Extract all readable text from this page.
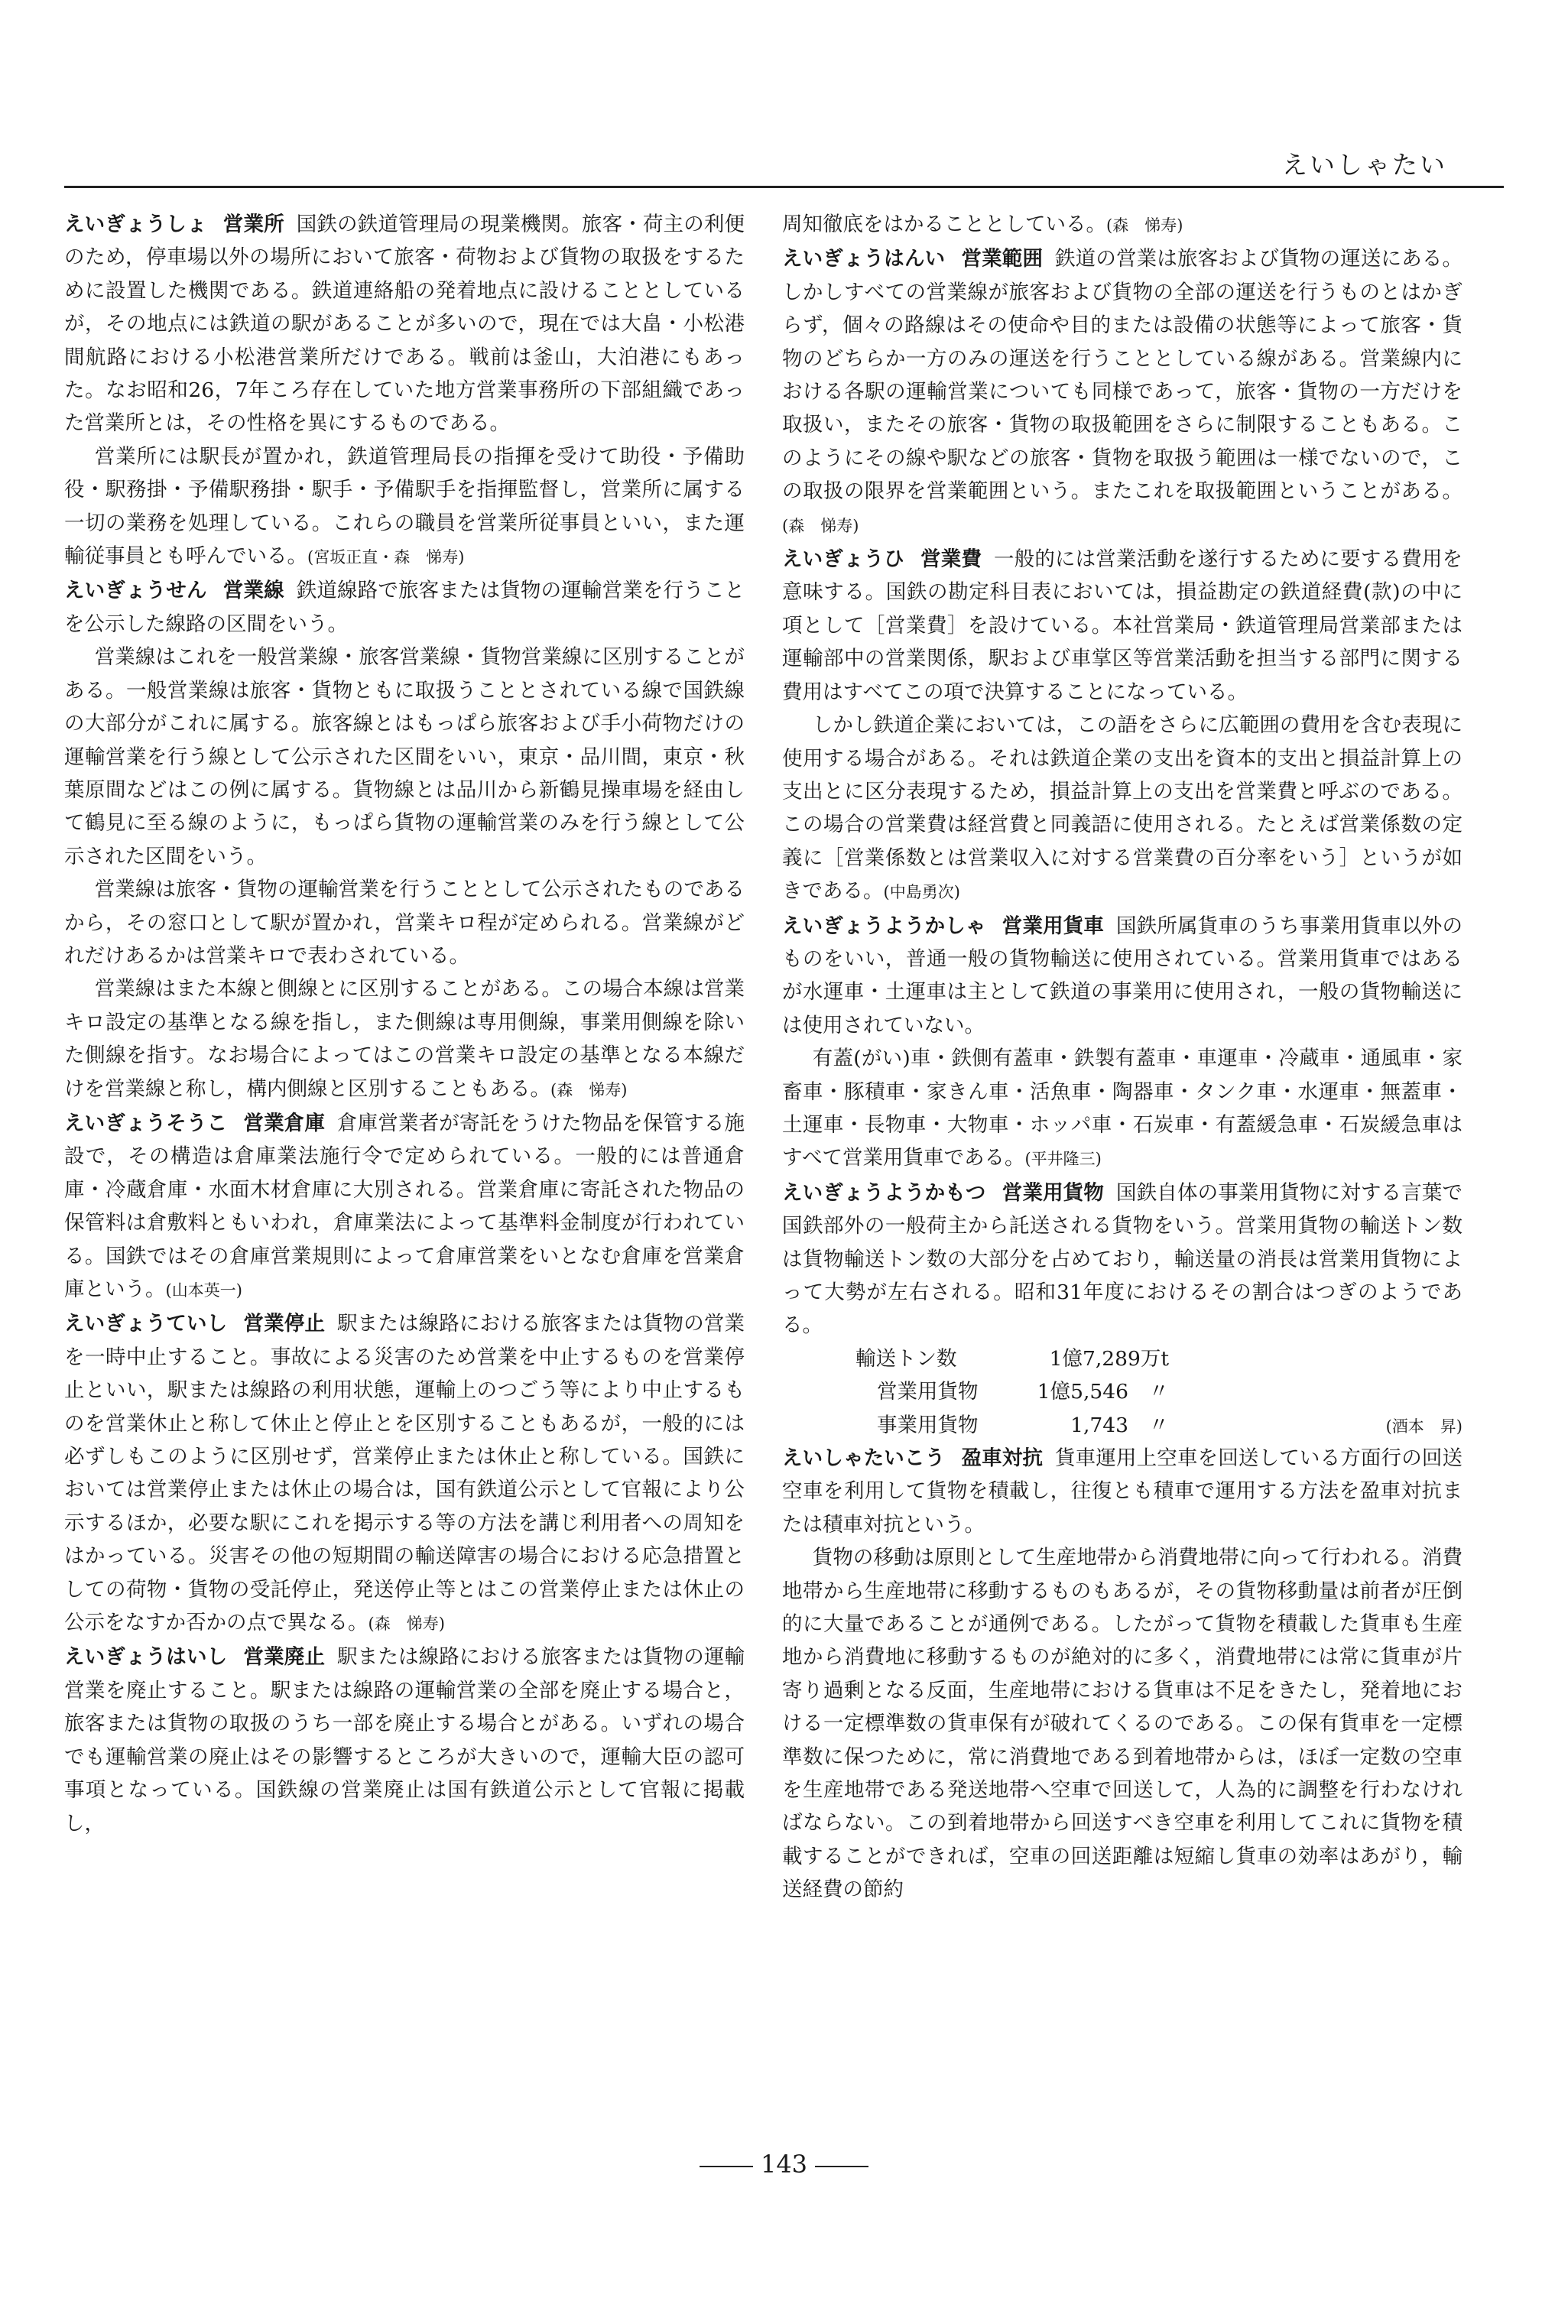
えいしゃたい

えいぎょうしょ 営業所 国鉄の鉄道管理局の現業機関。旅客・荷主の利便のため，停車場以外の場所において旅客・荷物および貨物の取扱をするために設置した機関である。鉄道連絡船の発着地点に設けることとしているが，その地点には鉄道の駅があることが多いので，現在では大畠・小松港間航路における小松港営業所だけである。戦前は釜山，大泊港にもあった。なお昭和26，7年ころ存在していた地方営業事務所の下部組織であった営業所とは，その性格を異にするものである。

営業所には駅長が置かれ，鉄道管理局長の指揮を受けて助役・予備助役・駅務掛・予備駅務掛・駅手・予備駅手を指揮監督し，営業所に属する一切の業務を処理している。これらの職員を営業所従事員といい，また運輸従事員とも呼んでいる。(宮坂正直・森　悌寿)

えいぎょうせん 営業線 鉄道線路で旅客または貨物の運輸営業を行うことを公示した線路の区間をいう。

営業線はこれを一般営業線・旅客営業線・貨物営業線に区別することがある。一般営業線は旅客・貨物ともに取扱うこととされている線で国鉄線の大部分がこれに属する。旅客線とはもっぱら旅客および手小荷物だけの運輸営業を行う線として公示された区間をいい，東京・品川間，東京・秋葉原間などはこの例に属する。貨物線とは品川から新鶴見操車場を経由して鶴見に至る線のように，もっぱら貨物の運輸営業のみを行う線として公示された区間をいう。

営業線は旅客・貨物の運輸営業を行うこととして公示されたものであるから，その窓口として駅が置かれ，営業キロ程が定められる。営業線がどれだけあるかは営業キロで表わされている。

営業線はまた本線と側線とに区別することがある。この場合本線は営業キロ設定の基準となる線を指し，また側線は専用側線，事業用側線を除いた側線を指す。なお場合によってはこの営業キロ設定の基準となる本線だけを営業線と称し，構内側線と区別することもある。(森　悌寿)

えいぎょうそうこ 営業倉庫 倉庫営業者が寄託をうけた物品を保管する施設で，その構造は倉庫業法施行令で定められている。一般的には普通倉庫・冷蔵倉庫・水面木材倉庫に大別される。営業倉庫に寄託された物品の保管料は倉敷料ともいわれ，倉庫業法によって基準料金制度が行われている。国鉄ではその倉庫営業規則によって倉庫営業をいとなむ倉庫を営業倉庫という。(山本英一)

えいぎょうていし 営業停止 駅または線路における旅客または貨物の営業を一時中止すること。事故による災害のため営業を中止するものを営業停止といい，駅または線路の利用状態，運輸上のつごう等により中止するものを営業休止と称して休止と停止とを区別することもあるが，一般的には必ずしもこのように区別せず，営業停止または休止と称している。国鉄においては営業停止または休止の場合は，国有鉄道公示として官報により公示するほか，必要な駅にこれを掲示する等の方法を講じ利用者への周知をはかっている。災害その他の短期間の輸送障害の場合における応急措置としての荷物・貨物の受託停止，発送停止等とはこの営業停止または休止の公示をなすか否かの点で異なる。(森　悌寿)

えいぎょうはいし 営業廃止 駅または線路における旅客または貨物の運輸営業を廃止すること。駅または線路の運輸営業の全部を廃止する場合と，旅客または貨物の取扱のうち一部を廃止する場合とがある。いずれの場合でも運輸営業の廃止はその影響するところが大きいので，運輸大臣の認可事項となっている。国鉄線の営業廃止は国有鉄道公示として官報に掲載し，

周知徹底をはかることとしている。(森　悌寿)

えいぎょうはんい 営業範囲 鉄道の営業は旅客および貨物の運送にある。しかしすべての営業線が旅客および貨物の全部の運送を行うものとはかぎらず，個々の路線はその使命や目的または設備の状態等によって旅客・貨物のどちらか一方のみの運送を行うこととしている線がある。営業線内における各駅の運輸営業についても同様であって，旅客・貨物の一方だけを取扱い，またその旅客・貨物の取扱範囲をさらに制限することもある。このようにその線や駅などの旅客・貨物を取扱う範囲は一様でないので，この取扱の限界を営業範囲という。またこれを取扱範囲ということがある。(森　悌寿)

えいぎょうひ 営業費 一般的には営業活動を遂行するために要する費用を意味する。国鉄の勘定科目表においては，損益勘定の鉄道経費(款)の中に項として［営業費］を設けている。本社営業局・鉄道管理局営業部または運輸部中の営業関係，駅および車掌区等営業活動を担当する部門に関する費用はすべてこの項で決算することになっている。

しかし鉄道企業においては，この語をさらに広範囲の費用を含む表現に使用する場合がある。それは鉄道企業の支出を資本的支出と損益計算上の支出とに区分表現するため，損益計算上の支出を営業費と呼ぶのである。この場合の営業費は経営費と同義語に使用される。たとえば営業係数の定義に［営業係数とは営業収入に対する営業費の百分率をいう］というが如きである。(中島勇次)

えいぎょうようかしゃ 営業用貨車 国鉄所属貨車のうち事業用貨車以外のものをいい，普通一般の貨物輸送に使用されている。営業用貨車ではあるが水運車・土運車は主として鉄道の事業用に使用され，一般の貨物輸送には使用されていない。

有蓋(がい)車・鉄側有蓋車・鉄製有蓋車・車運車・冷蔵車・通風車・家畜車・豚積車・家きん車・活魚車・陶器車・タンク車・水運車・無蓋車・土運車・長物車・大物車・ホッパ車・石炭車・有蓋緩急車・石炭緩急車はすべて営業用貨車である。(平井隆三)

えいぎょうようかもつ 営業用貨物 国鉄自体の事業用貨物に対する言葉で国鉄部外の一般荷主から託送される貨物をいう。営業用貨物の輸送トン数は貨物輸送トン数の大部分を占めており，輸送量の消長は営業用貨物によって大勢が左右される。昭和31年度におけるその割合はつぎのようである。

輸送トン数	1億7,289万t
営業用貨物	1億5,546　〃
事業用貨物	1,743　〃	(酒本　昇)

えいしゃたいこう 盈車対抗 貨車運用上空車を回送している方面行の回送空車を利用して貨物を積載し，往復とも積車で運用する方法を盈車対抗または積車対抗という。

貨物の移動は原則として生産地帯から消費地帯に向って行われる。消費地帯から生産地帯に移動するものもあるが，その貨物移動量は前者が圧倒的に大量であることが通例である。したがって貨物を積載した貨車も生産地から消費地に移動するものが絶対的に多く，消費地帯には常に貨車が片寄り過剰となる反面，生産地帯における貨車は不足をきたし，発着地における一定標準数の貨車保有が破れてくるのである。この保有貨車を一定標準数に保つために，常に消費地である到着地帯からは，ほぼ一定数の空車を生産地帯である発送地帯へ空車で回送して，人為的に調整を行わなければならない。この到着地帯から回送すべき空車を利用してこれに貨物を積載することができれば，空車の回送距離は短縮し貨車の効率はあがり，輸送経費の節約

143
